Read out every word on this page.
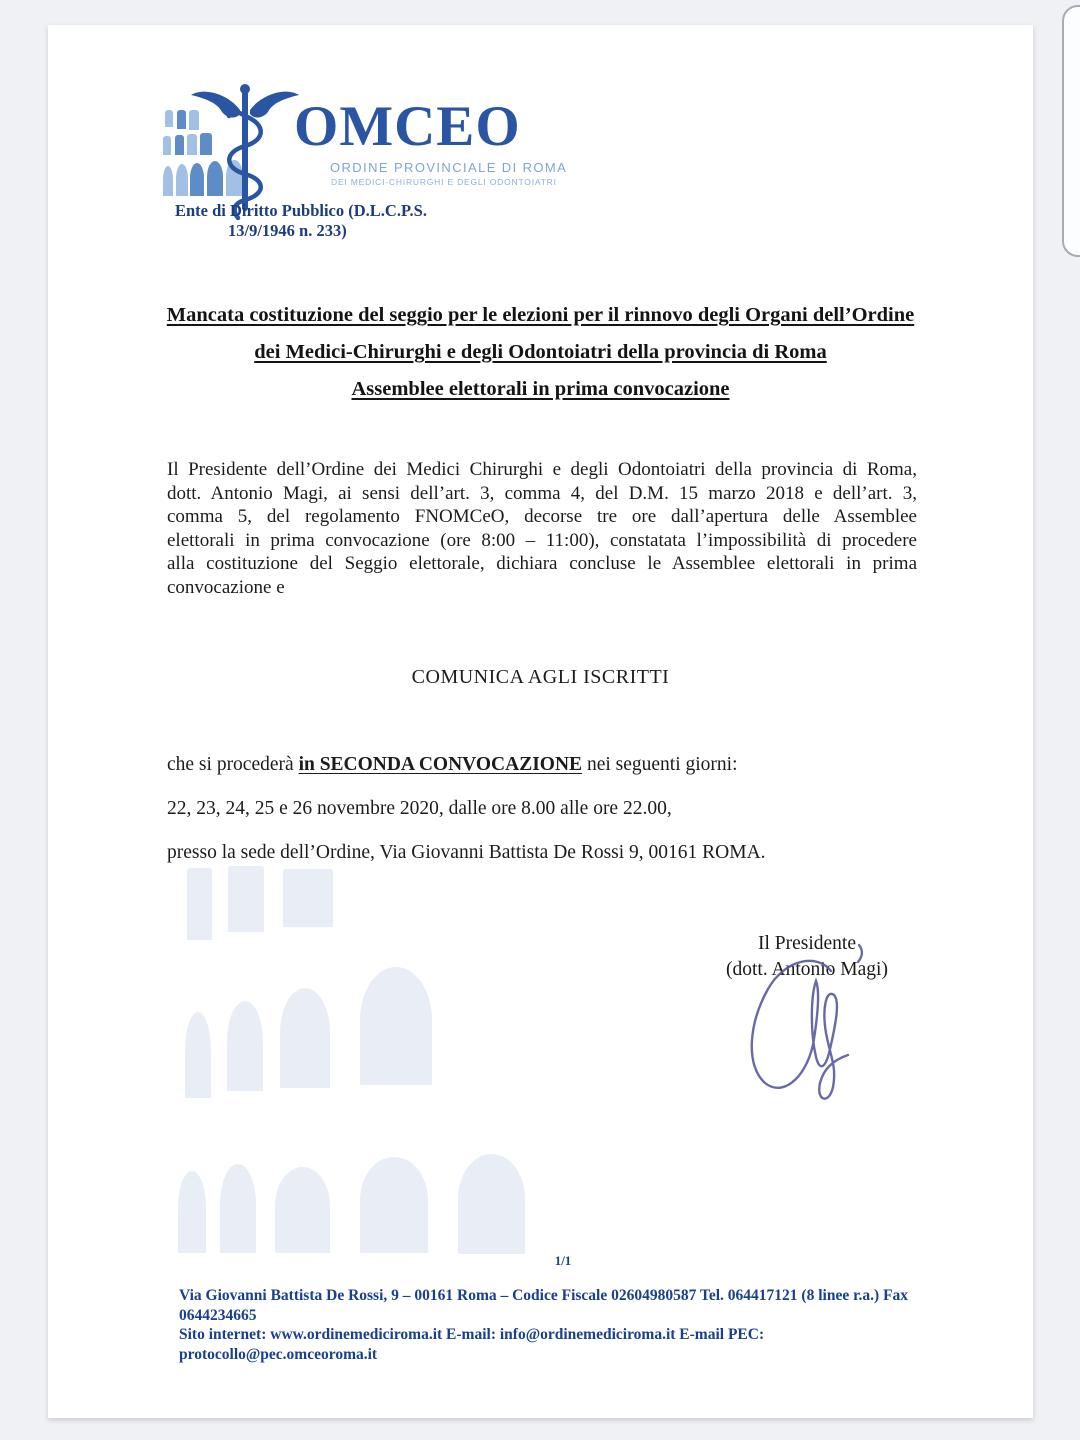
OMCEO
ORDINE PROVINCIALE DI ROMA
DEI MEDICI-CHIRURGHI E DEGLI ODONTOIATRI
Ente di Diritto Pubblico (D.L.C.P.S.
13/9/1946 n. 233)
Mancata costituzione del seggio per le elezioni per il rinnovo degli Organi dell’Ordine
dei Medici-Chirurghi e degli Odontoiatri della provincia di Roma
Assemblee elettorali in prima convocazione
Il Presidente dell’Ordine dei Medici Chirurghi e degli Odontoiatri della provincia di Roma,
dott. Antonio Magi, ai sensi dell’art. 3, comma 4, del D.M. 15 marzo 2018 e dell’art. 3,
comma 5, del regolamento FNOMCeO, decorse tre ore dall’apertura delle Assemblee
elettorali in prima convocazione (ore 8:00 – 11:00), constatata l’impossibilità di procedere
alla costituzione del Seggio elettorale, dichiara concluse le Assemblee elettorali in prima
convocazione e
COMUNICA AGLI ISCRITTI
che si procederà in SECONDA CONVOCAZIONE nei seguenti giorni:
22, 23, 24, 25 e 26 novembre 2020, dalle ore 8.00 alle ore 22.00,
presso la sede dell’Ordine, Via Giovanni Battista De Rossi 9, 00161 ROMA.
Il Presidente
(dott. Antonio Magi)
1/1
Via Giovanni Battista De Rossi, 9 – 00161 Roma – Codice Fiscale 02604980587 Tel. 064417121 (8 linee r.a.) Fax
0644234665
Sito internet: www.ordinemediciroma.it E-mail: info@ordinemediciroma.it E-mail PEC:
protocollo@pec.omceoroma.it
